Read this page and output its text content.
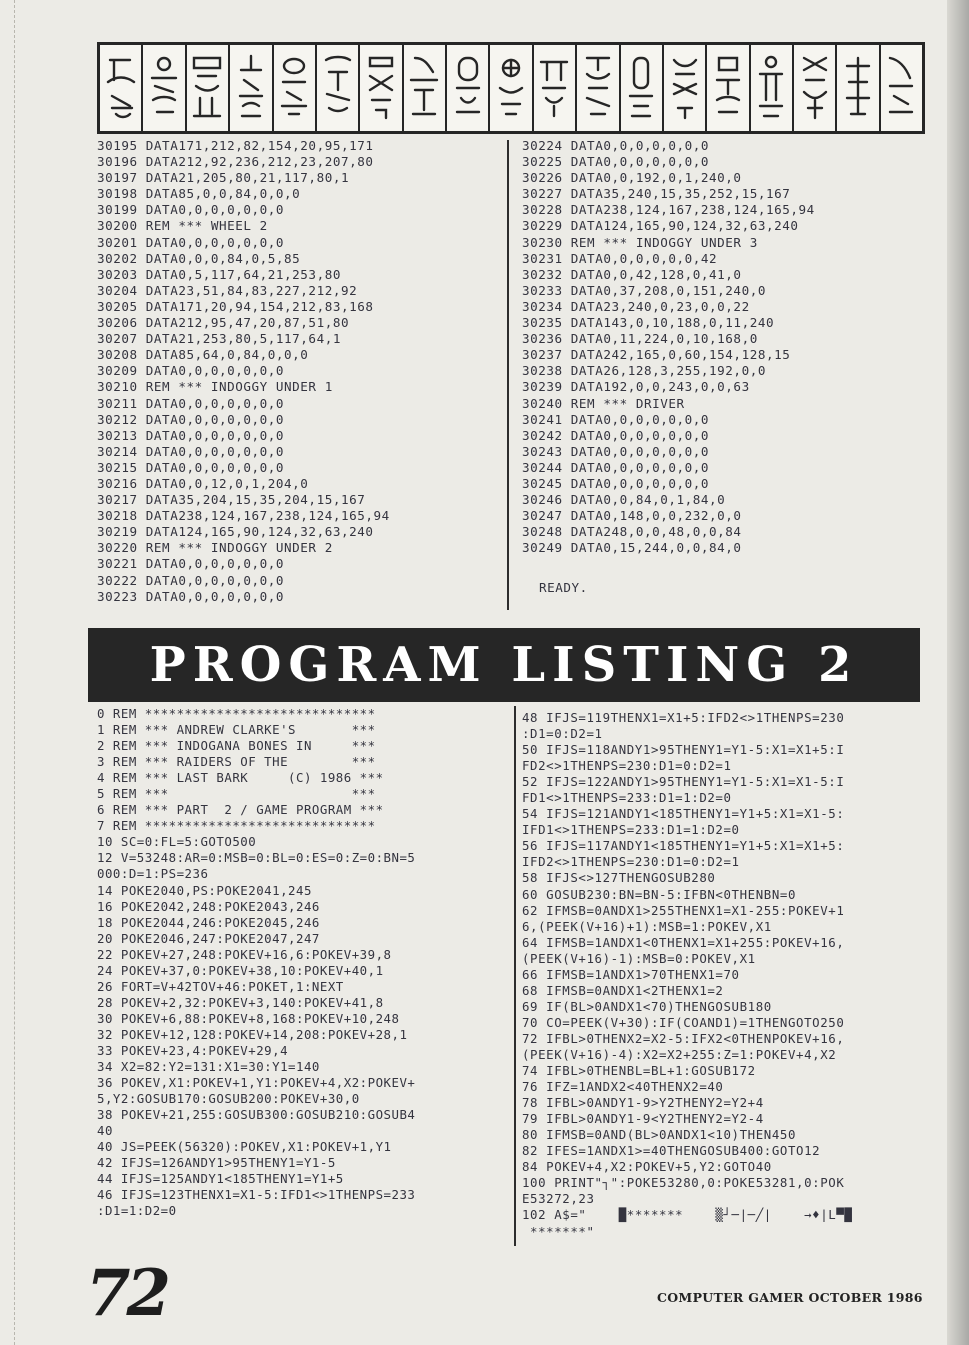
30195 DATA171,212,82,154,20,95,171
30196 DATA212,92,236,212,23,207,80
30197 DATA21,205,80,21,117,80,1
30198 DATA85,0,0,84,0,0,0
30199 DATA0,0,0,0,0,0,0
30200 REM *** WHEEL 2
30201 DATA0,0,0,0,0,0,0
30202 DATA0,0,0,84,0,5,85
30203 DATA0,5,117,64,21,253,80
30204 DATA23,51,84,83,227,212,92
30205 DATA171,20,94,154,212,83,168
30206 DATA212,95,47,20,87,51,80
30207 DATA21,253,80,5,117,64,1
30208 DATA85,64,0,84,0,0,0
30209 DATA0,0,0,0,0,0,0
30210 REM *** INDOGGY UNDER 1
30211 DATA0,0,0,0,0,0,0
30212 DATA0,0,0,0,0,0,0
30213 DATA0,0,0,0,0,0,0
30214 DATA0,0,0,0,0,0,0
30215 DATA0,0,0,0,0,0,0
30216 DATA0,0,12,0,1,204,0
30217 DATA35,204,15,35,204,15,167
30218 DATA238,124,167,238,124,165,94
30219 DATA124,165,90,124,32,63,240
30220 REM *** INDOGGY UNDER 2
30221 DATA0,0,0,0,0,0,0
30222 DATA0,0,0,0,0,0,0
30223 DATA0,0,0,0,0,0,0

30224 DATA0,0,0,0,0,0,0
30225 DATA0,0,0,0,0,0,0
30226 DATA0,0,192,0,1,240,0
30227 DATA35,240,15,35,252,15,167
30228 DATA238,124,167,238,124,165,94
30229 DATA124,165,90,124,32,63,240
30230 REM *** INDOGGY UNDER 3
30231 DATA0,0,0,0,0,0,42
30232 DATA0,0,42,128,0,41,0
30233 DATA0,37,208,0,151,240,0
30234 DATA23,240,0,23,0,0,22
30235 DATA143,0,10,188,0,11,240
30236 DATA0,11,224,0,10,168,0
30237 DATA242,165,0,60,154,128,15
30238 DATA26,128,3,255,192,0,0
30239 DATA192,0,0,243,0,0,63
30240 REM *** DRIVER
30241 DATA0,0,0,0,0,0,0
30242 DATA0,0,0,0,0,0,0
30243 DATA0,0,0,0,0,0,0
30244 DATA0,0,0,0,0,0,0
30245 DATA0,0,0,0,0,0,0
30246 DATA0,0,84,0,1,84,0
30247 DATA0,148,0,0,232,0,0
30248 DATA248,0,0,48,0,0,84
30249 DATA0,15,244,0,0,84,0

READY.
PROGRAM LISTING 2
0 REM *****************************
1 REM *** ANDREW CLARKE'S       ***
2 REM *** INDOGANA BONES IN     ***
3 REM *** RAIDERS OF THE        ***
4 REM *** LAST BARK     (C) 1986 ***
5 REM ***                       ***
6 REM *** PART  2 / GAME PROGRAM ***
7 REM *****************************
10 SC=0:FL=5:GOTO500
12 V=53248:AR=0:MSB=0:BL=0:ES=0:Z=0:BN=5
000:D=1:PS=236
14 POKE2040,PS:POKE2041,245
16 POKE2042,248:POKE2043,246
18 POKE2044,246:POKE2045,246
20 POKE2046,247:POKE2047,247
22 POKEV+27,248:POKEV+16,6:POKEV+39,8
24 POKEV+37,0:POKEV+38,10:POKEV+40,1
26 FORT=V+42TOV+46:POKET,1:NEXT
28 POKEV+2,32:POKEV+3,140:POKEV+41,8
30 POKEV+6,88:POKEV+8,168:POKEV+10,248
32 POKEV+12,128:POKEV+14,208:POKEV+28,1
33 POKEV+23,4:POKEV+29,4
34 X2=82:Y2=131:X1=30:Y1=140
36 POKEV,X1:POKEV+1,Y1:POKEV+4,X2:POKEV+
5,Y2:GOSUB170:GOSUB200:POKEV+30,0
38 POKEV+21,255:GOSUB300:GOSUB210:GOSUB4
40
40 JS=PEEK(56320):POKEV,X1:POKEV+1,Y1
42 IFJS=126ANDY1>95THENY1=Y1-5
44 IFJS=125ANDY1<185THENY1=Y1+5
46 IFJS=123THENX1=X1-5:IFD1<>1THENPS=233
:D1=1:D2=0

48 IFJS=119THENX1=X1+5:IFD2<>1THENPS=230
:D1=0:D2=1
50 IFJS=118ANDY1>95THENY1=Y1-5:X1=X1+5:I
FD2<>1THENPS=230:D1=0:D2=1
52 IFJS=122ANDY1>95THENY1=Y1-5:X1=X1-5:I
FD1<>1THENPS=233:D1=1:D2=0
54 IFJS=121ANDY1<185THENY1=Y1+5:X1=X1-5:
IFD1<>1THENPS=233:D1=1:D2=0
56 IFJS=117ANDY1<185THENY1=Y1+5:X1=X1+5:
IFD2<>1THENPS=230:D1=0:D2=1
58 IFJS<>127THENGOSUB280
60 GOSUB230:BN=BN-5:IFBN<0THENBN=0
62 IFMSB=0ANDX1>255THENX1=X1-255:POKEV+1
6,(PEEK(V+16)+1):MSB=1:POKEV,X1
64 IFMSB=1ANDX1<0THENX1=X1+255:POKEV+16,
(PEEK(V+16)-1):MSB=0:POKEV,X1
66 IFMSB=1ANDX1>70THENX1=70
68 IFMSB=0ANDX1<2THENX1=2
69 IF(BL>0ANDX1<70)THENGOSUB180
70 CO=PEEK(V+30):IF(COAND1)=1THENGOTO250
72 IFBL>0THENX2=X2-5:IFX2<0THENPOKEV+16,
(PEEK(V+16)-4):X2=X2+255:Z=1:POKEV+4,X2
74 IFBL>0THENBL=BL+1:GOSUB172
76 IFZ=1ANDX2<40THENX2=40
78 IFBL>0ANDY1-9>Y2THENY2=Y2+4
79 IFBL>0ANDY1-9<Y2THENY2=Y2-4
80 IFMSB=0AND(BL>0ANDX1<10)THEN450
82 IFES=1ANDX1>=40THENGOSUB400:GOTO12
84 POKEV+4,X2:POKEV+5,Y2:GOTO40
100 PRINT"┐":POKE53280,0:POKE53281,0:POK
E53272,23
102 A$="    █*******    ▒┘─|─╱|    →♦|L▀█
*******"

72	COMPUTER GAMER OCTOBER 1986
